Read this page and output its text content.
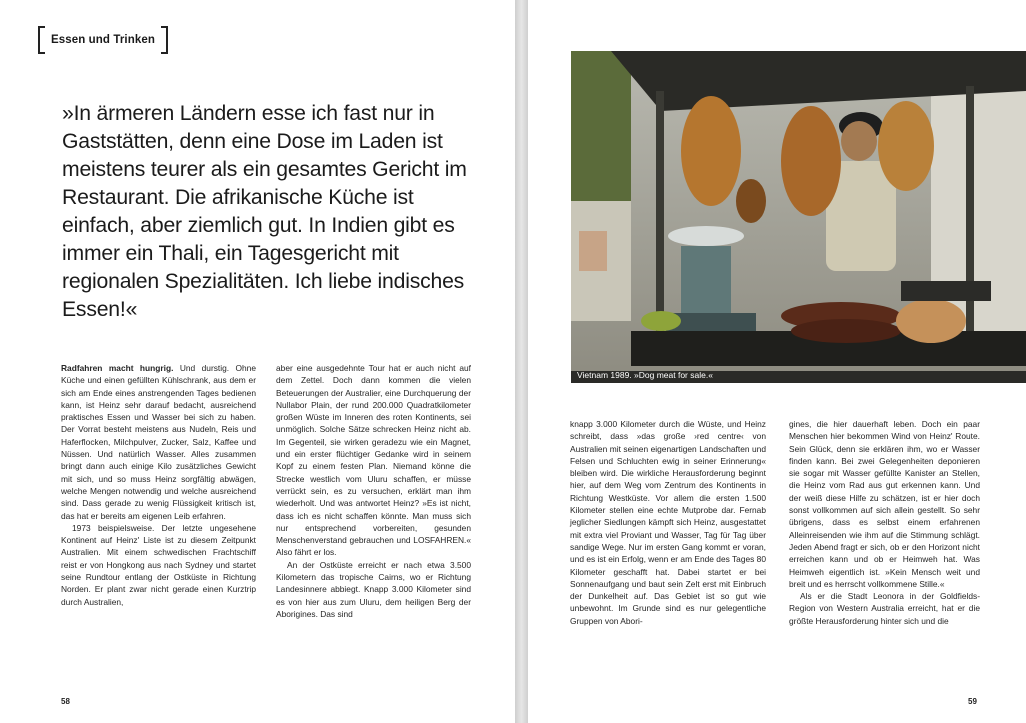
Essen und Trinken

»In ärmeren Ländern esse ich fast nur in Gaststätten, denn eine Dose im Laden ist meistens teurer als ein gesamtes Gericht im Restaurant. Die afrikanische Küche ist einfach, aber ziemlich gut. In Indien gibt es immer ein Thali, ein Tagesgericht mit regionalen Spezialitäten. Ich liebe indisches Essen!«

Radfahren macht hungrig. Und durstig. Ohne Küche und einen gefüllten Kühlschrank, aus dem er sich am Ende eines anstrengenden Tages bedienen kann, ist Heinz sehr darauf bedacht, ausreichend praktisches Essen und Wasser bei sich zu haben. Der Vorrat besteht meistens aus Nudeln, Reis und Haferflocken, Milchpulver, Zucker, Salz, Kaffee und Nüssen. Und natürlich Wasser. Alles zusammen bringt dann auch einige Kilo zusätzliches Gewicht mit sich, und so muss Heinz sorgfältig abwägen, welche Mengen notwendig und welche ausreichend sind. Dass gerade zu wenig Flüssigkeit kritisch ist, das hat er bereits am eigenen Leib erfahren.

1973 beispielsweise. Der letzte ungesehene Kontinent auf Heinz' Liste ist zu diesem Zeitpunkt Australien. Mit einem schwedischen Frachtschiff reist er von Hongkong aus nach Sydney und startet seine Rundtour entlang der Ostküste in Richtung Norden. Er plant zwar nicht gerade einen Kurztrip durch Australien,

aber eine ausgedehnte Tour hat er auch nicht auf dem Zettel. Doch dann kommen die vielen Beteuerungen der Australier, eine Durchquerung der Nullabor Plain, der rund 200.000 Quadratkilometer großen Wüste im Inneren des roten Kontinents, sei unmöglich. Solche Sätze schrecken Heinz nicht ab. Im Gegenteil, sie wirken geradezu wie ein Magnet, und ein erster flüchtiger Gedanke wird in seinem Kopf zu einem festen Plan. Niemand könne die Strecke westlich vom Uluru schaffen, er müsse verrückt sein, es zu versuchen, erklärt man ihm wiederholt. Und was antwortet Heinz? »Es ist nicht, dass ich es nicht schaffen könnte. Man muss sich nur entsprechend vorbereiten, gesunden Menschenverstand gebrauchen und LOSFAHREN.« Also fährt er los.

An der Ostküste erreicht er nach etwa 3.500 Kilometern das tropische Cairns, wo er Richtung Landesinnere abbiegt. Knapp 3.000 Kilometer sind es von hier aus zum Uluru, dem heiligen Berg der Aborigines. Das sind

58
Vietnam 1989. »Dog meat for sale.«

knapp 3.000 Kilometer durch die Wüste, und Heinz schreibt, dass »das große ›red centre‹ von Australien mit seinen eigenartigen Landschaften und Felsen und Schluchten ewig in seiner Erinnerung« bleiben wird. Die wirkliche Herausforderung beginnt hier, auf dem Weg vom Zentrum des Kontinents in Richtung Westküste. Vor allem die ersten 1.500 Kilometer stellen eine echte Mutprobe dar. Fernab jeglicher Siedlungen kämpft sich Heinz, ausgestattet mit extra viel Proviant und Wasser, Tag für Tag über sandige Wege. Nur im ersten Gang kommt er voran, und es ist ein Erfolg, wenn er am Ende des Tages 80 Kilometer geschafft hat. Dabei startet er bei Sonnenaufgang und baut sein Zelt erst mit Einbruch der Dunkelheit auf. Das Gebiet ist so gut wie unbewohnt. Im Grunde sind es nur gelegentliche Gruppen von Abori-

gines, die hier dauerhaft leben. Doch ein paar Menschen hier bekommen Wind von Heinz' Route. Sein Glück, denn sie erklären ihm, wo er Wasser finden kann. Bei zwei Gelegenheiten deponieren sie sogar mit Wasser gefüllte Kanister an Stellen, die Heinz vom Rad aus gut erkennen kann. Und der weiß diese Hilfe zu schätzen, ist er hier doch sonst vollkommen auf sich allein gestellt. So sehr übrigens, dass es selbst einem erfahrenen Alleinreisenden wie ihm auf die Stimmung schlägt. Jeden Abend fragt er sich, ob er den Horizont nicht erreichen kann und ob er Heimweh hat. Was Heimweh eigentlich ist. »Kein Mensch weit und breit und es herrscht vollkommene Stille.«

Als er die Stadt Leonora in der Goldfields-Region von Western Australia erreicht, hat er die größte Herausforderung hinter sich und die

59
